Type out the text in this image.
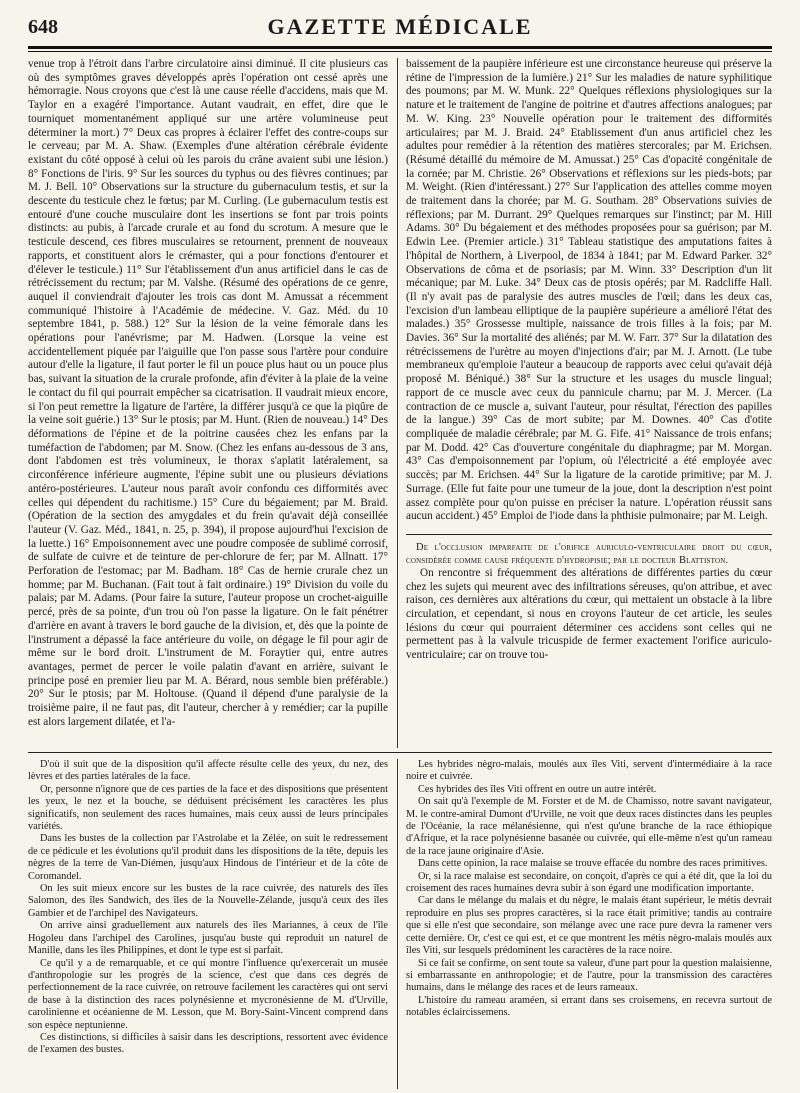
648	GAZETTE MÉDICALE

venue trop à l'étroit dans l'arbre circulatoire ainsi diminué. Il cite plusieurs cas où des symptômes graves développés après l'opération ont cessé après une hémorragie. Nous croyons que c'est là une cause réelle d'accidens, mais que M. Taylor en a exagéré l'importance. Autant vaudrait, en effet, dire que le tourniquet momentanément appliqué sur une artère volumineuse peut déterminer la mort.) 7° Deux cas propres à éclairer l'effet des contre-coups sur le cerveau; par M. A. Shaw. (Exemples d'une altération cérébrale évidente existant du côté opposé à celui où les parois du crâne avaient subi une lésion.) 8° Fonctions de l'iris. 9° Sur les sources du typhus ou des fièvres continues; par M. J. Bell. 10° Observations sur la structure du gubernaculum testis, et sur la descente du testicule chez le fœtus; par M. Curling. (Le gubernaculum testis est entouré d'une couche musculaire dont les insertions se font par trois points distincts: au pubis, à l'arcade crurale et au fond du scrotum. A mesure que le testicule descend, ces fibres musculaires se retournent, prennent de nouveaux rapports, et constituent alors le crémaster, qui a pour fonctions d'entourer et d'élever le testicule.) 11° Sur l'établissement d'un anus artificiel dans le cas de rétrécissement du rectum; par M. Valshe. (Résumé des opérations de ce genre, auquel il conviendrait d'ajouter les trois cas dont M. Amussat a récemment communiqué l'histoire à l'Académie de médecine. V. Gaz. Méd. du 10 septembre 1841, p. 588.) 12° Sur la lésion de la veine fémorale dans les opérations pour l'anévrisme; par M. Hadwen. (Lorsque la veine est accidentellement piquée par l'aiguille que l'on passe sous l'artère pour conduire autour d'elle la ligature, il faut porter le fil un pouce plus haut ou un pouce plus bas, suivant la situation de la crurale profonde, afin d'éviter à la plaie de la veine le contact du fil qui pourrait empêcher sa cicatrisation. Il vaudrait mieux encore, si l'on peut remettre la ligature de l'artère, la différer jusqu'à ce que la piqûre de la veine soit guérie.) 13° Sur le ptosis; par M. Hunt. (Rien de nouveau.) 14° Des déformations de l'épine et de la poitrine causées chez les enfans par la tuméfaction de l'abdomen; par M. Snow. (Chez les enfans au-dessous de 3 ans, dont l'abdomen est très volumineux, le thorax s'aplatit latéralement, sa circonférence inférieure augmente, l'épine subit une ou plusieurs déviations antéro-postérieures. L'auteur nous paraît avoir confondu ces difformités avec celles qui dépendent du rachitisme.) 15° Cure du bégaiement; par M. Braid. (Opération de la section des amygdales et du frein qu'avait déjà conseillée l'auteur (V. Gaz. Méd., 1841, n. 25, p. 394), il propose aujourd'hui l'excision de la luette.) 16° Empoisonnement avec une poudre composée de sublimé corrosif, de sulfate de cuivre et de teinture de per-chlorure de fer; par M. Allnatt. 17° Perforation de l'estomac; par M. Badham. 18° Cas de hernie crurale chez un homme; par M. Buchanan. (Fait tout à fait ordinaire.) 19° Division du voile du palais; par M. Adams. (Pour faire la suture, l'auteur propose un crochet-aiguille percé, près de sa pointe, d'un trou où l'on passe la ligature. On le fait pénétrer d'arrière en avant à travers le bord gauche de la division, et, dès que la pointe de l'instrument a dépassé la face antérieure du voile, on dégage le fil pour agir de même sur le bord droit. L'instrument de M. Foraytier qui, entre autres avantages, permet de percer le voile palatin d'avant en arrière, suivant le principe posé en premier lieu par M. A. Bérard, nous semble bien préférable.) 20° Sur le ptosis; par M. Holtouse. (Quand il dépend d'une paralysie de la troisième paire, il ne faut pas, dit l'auteur, chercher à y remédier; car la pupille est alors largement dilatée, et l'a-

baissement de la paupière inférieure est une circonstance heureuse qui préserve la rétine de l'impression de la lumière.) 21° Sur les maladies de nature syphilitique des poumons; par M. W. Munk. 22° Quelques réflexions physiologiques sur la nature et le traitement de l'angine de poitrine et d'autres affections analogues; par M. W. King. 23° Nouvelle opération pour le traitement des difformités articulaires; par M. J. Braid. 24° Etablissement d'un anus artificiel chez les adultes pour remédier à la rétention des matières stercorales; par M. Erichsen. (Résumé détaillé du mémoire de M. Amussat.) 25° Cas d'opacité congénitale de la cornée; par M. Christie. 26° Observations et réflexions sur les pieds-bots; par M. Weight. (Rien d'intéressant.) 27° Sur l'application des attelles comme moyen de traitement dans la chorée; par M. G. Southam. 28° Observations suivies de réflexions; par M. Durrant. 29° Quelques remarques sur l'instinct; par M. Hill Adams. 30° Du bégaiement et des méthodes proposées pour sa guérison; par M. Edwin Lee. (Premier article.) 31° Tableau statistique des amputations faites à l'hôpital de Northern, à Liverpool, de 1834 à 1841; par M. Edward Parker. 32° Observations de côma et de psoriasis; par M. Winn. 33° Description d'un lit mécanique; par M. Luke. 34° Deux cas de ptosis opérés; par M. Radcliffe Hall. (Il n'y avait pas de paralysie des autres muscles de l'œil; dans les deux cas, l'excision d'un lambeau elliptique de la paupière supérieure a amélioré l'état des malades.) 35° Grossesse multiple, naissance de trois filles à la fois; par M. Davies. 36° Sur la mortalité des aliénés; par M. W. Farr. 37° Sur la dilatation des rétrécissemens de l'urètre au moyen d'injections d'air; par M. J. Arnott. (Le tube membraneux qu'emploie l'auteur a beaucoup de rapports avec celui qu'avait déjà proposé M. Béniqué.) 38° Sur la structure et les usages du muscle lingual; rapport de ce muscle avec ceux du pannicule charnu; par M. J. Mercer. (La contraction de ce muscle a, suivant l'auteur, pour résultat, l'érection des papilles de la langue.) 39° Cas de mort subite; par M. Downes. 40° Cas d'otite compliquée de maladie cérébrale; par M. G. Fife. 41° Naissance de trois enfans; par M. Dodd. 42° Cas d'ouverture congénitale du diaphragme; par M. Morgan. 43° Cas d'empoisonnement par l'opium, où l'électricité a été employée avec succès; par M. Erichsen. 44° Sur la ligature de la carotide primitive; par M. J. Surrage. (Elle fut faite pour une tumeur de la joue, dont la description n'est point assez complète pour qu'on puisse en préciser la nature. L'opération réussit sans aucun accident.) 45° Emploi de l'iode dans la phthisie pulmonaire; par M. Leigh.

De l'occlusion imparfaite de l'orifice auriculo-ventriculaire droit du cœur, considérée comme cause fréquente d'hydropisie; par le docteur Blattiston.

On rencontre si fréquemment des altérations de différentes parties du cœur chez les sujets qui meurent avec des infiltrations séreuses, qu'on attribue, et avec raison, ces dernières aux altérations du cœur, qui mettaient un obstacle à la libre circulation, et cependant, si nous en croyons l'auteur de cet article, les seules lésions du cœur qui pourraient déterminer ces accidens sont celles qui ne permettent pas à la valvule tricuspide de fermer exactement l'orifice auriculo-ventriculaire; car on trouve tou-

D'où il suit que de la disposition qu'il affecte résulte celle des yeux, du nez, des lèvres et des parties latérales de la face.

Or, personne n'ignore que de ces parties de la face et des dispositions que présentent les yeux, le nez et la bouche, se déduisent précisément les caractères les plus significatifs, non seulement des races humaines, mais ceux aussi de leurs principales variétés.

Dans les bustes de la collection par l'Astrolabe et la Zélée, on suit le redressement de ce pédicule et les évolutions qu'il produit dans les dispositions de la tête, depuis les nègres de la terre de Van-Diémen, jusqu'aux Hindous de l'intérieur et de la côte de Coromandel.

On les suit mieux encore sur les bustes de la race cuivrée, des naturels des îles Salomon, des îles Sandwich, des îles de la Nouvelle-Zélande, jusqu'à ceux des îles Gambier et de l'archipel des Navigateurs.

On arrive ainsi graduellement aux naturels des îles Mariannes, à ceux de l'île Hogoleu dans l'archipel des Carolines, jusqu'au buste qui reproduit un naturel de Manille, dans les îles Philippines, et dont le type est si parfait.

Ce qu'il y a de remarquable, et ce qui montre l'influence qu'exercerait un musée d'anthropologie sur les progrès de la science, c'est que dans ces degrés de perfectionnement de la race cuivrée, on retrouve facilement les caractères qui ont servi de base à la distinction des races polynésienne et mycronésienne de M. d'Urville, carolinienne et océanienne de M. Lesson, que M. Bory-Saint-Vincent comprend dans son espèce neptunienne.

Ces distinctions, si difficiles à saisir dans les descriptions, ressortent avec évidence de l'examen des bustes.

Les hybrides nègro-malais, moulés aux îles Viti, servent d'intermédiaire à la race noire et cuivrée.

Ces hybrides des îles Viti offrent en outre un autre intérêt.

On sait qu'à l'exemple de M. Forster et de M. de Chamisso, notre savant navigateur, M. le contre-amiral Dumont d'Urville, ne voit que deux races distinctes dans les peuples de l'Océanie, la race mélanésienne, qui n'est qu'une branche de la race éthiopique d'Afrique, et la race polynésienne basanée ou cuivrée, qui elle-même n'est qu'un rameau de la race jaune originaire d'Asie.

Dans cette opinion, la race malaise se trouve effacée du nombre des races primitives.

Or, si la race malaise est secondaire, on conçoit, d'après ce qui a été dit, que la loi du croisement des races humaines devra subir à son égard une modification importante.

Car dans le mélange du malais et du nègre, le malais étant supérieur, le métis devrait reproduire en plus ses propres caractères, si la race était primitive; tandis au contraire que si elle n'est que secondaire, son mélange avec une race pure devra la ramener vers cette dernière. Or, c'est ce qui est, et ce que montrent les métis nègro-malais moulés aux îles Viti, sur lesquels prédominent les caractères de la race noire.

Si ce fait se confirme, on sent toute sa valeur, d'une part pour la question malaisienne, si embarrassante en anthropologie; et de l'autre, pour la transmission des caractères humains, dans le mélange des races et de leurs rameaux.

L'histoire du rameau araméen, si errant dans ses croisemens, en recevra surtout de notables éclaircissemens.
